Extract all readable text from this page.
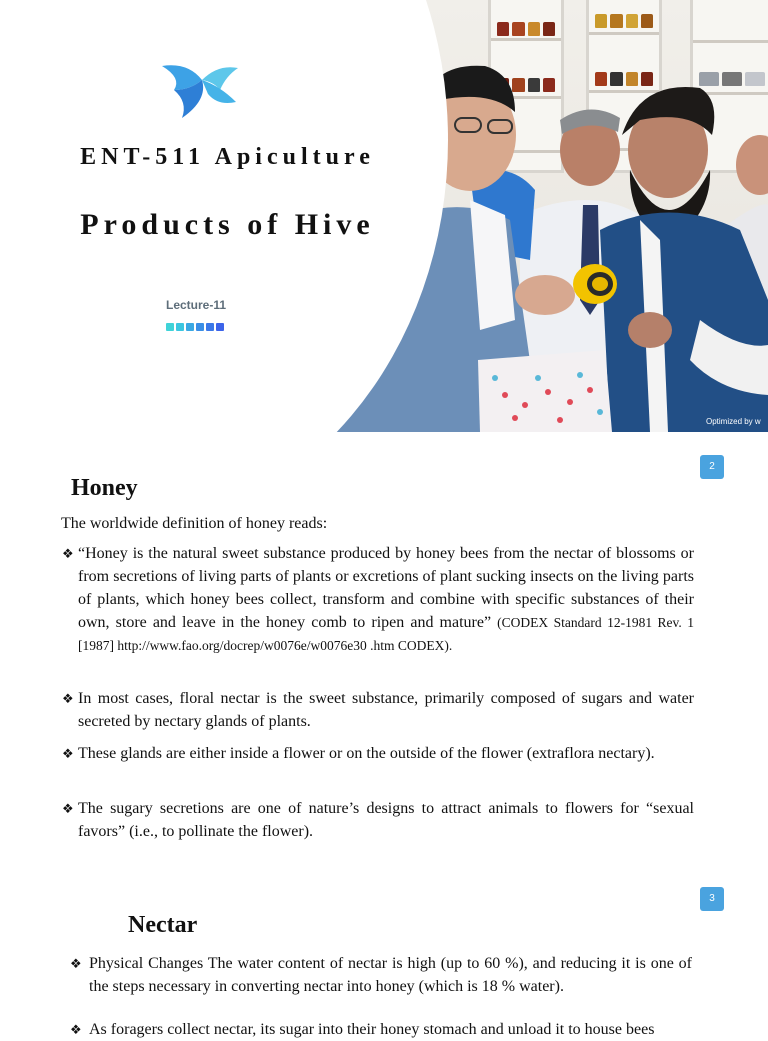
Optimized by w
ENT-511 Apiculture
Products of Hive
Lecture-11
2
Honey
The worldwide definition of honey reads:
❖ “Honey is the natural sweet substance produced by honey bees from the nectar of blossoms or from secretions of living parts of plants or excretions of plant sucking insects on the living parts of plants, which honey bees collect, transform and combine with specific substances of their own, store and leave in the honey comb to ripen and mature” (CODEX Standard 12-1981 Rev. 1 [1987] http://www.fao.org/docrep/w0076e/w0076e30 .htm CODEX).
❖ In most cases, floral nectar is the sweet substance, primarily composed of sugars and water secreted by nectary glands of plants.
❖ These glands are either inside a flower or on the outside of the flower (extraflora nectary).
❖ The sugary secretions are one of nature’s designs to attract animals to flowers for “sexual favors” (i.e., to pollinate the flower).
3
Nectar
❖ Physical Changes The water content of nectar is high (up to 60 %), and reducing it is one of the steps necessary in converting nectar into honey (which is 18 % water).
❖ As foragers collect nectar, its sugar into their honey stomach and unload it to house bees
